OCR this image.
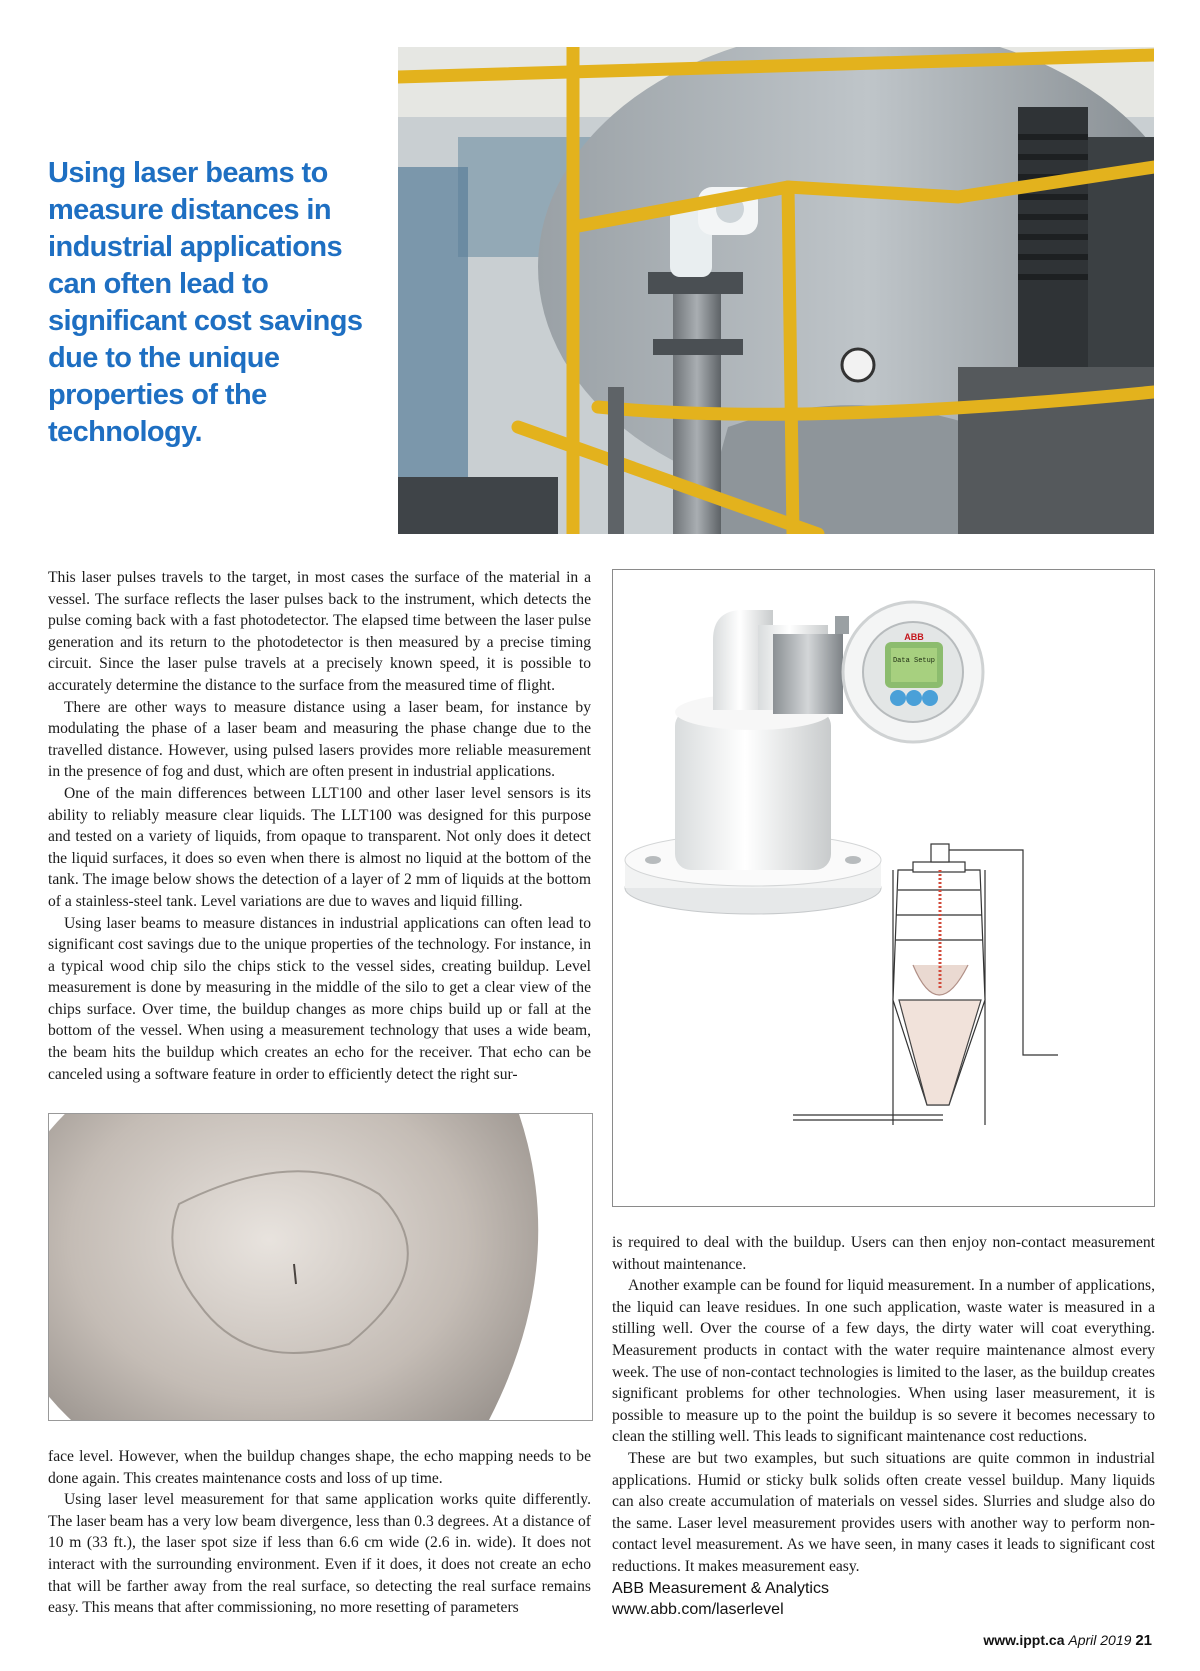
Using laser beams to

measure distances in

industrial applications

can often lead to

significant cost savings

due to the unique

properties of the

technology.

This laser pulses travels to the target, in most cases the surface of the material in a vessel. The surface reflects the laser pulses back to the instrument, which detects the pulse coming back with a fast photodetector. The elapsed time between the laser pulse generation and its return to the photodetector is then measured by a precise timing circuit. Since the laser pulse travels at a precisely known speed, it is possible to accurately determine the distance to the surface from the measured time of flight.

There are other ways to measure distance using a laser beam, for instance by modulating the phase of a laser beam and measuring the phase change due to the travelled distance. However, using pulsed lasers provides more reliable measurement in the presence of fog and dust, which are often present in industrial applications.

One of the main differences between LLT100 and other laser level sensors is its ability to reliably measure clear liquids. The LLT100 was designed for this purpose and tested on a variety of liquids, from opaque to transparent. Not only does it detect the liquid surfaces, it does so even when there is almost no liquid at the bottom of the tank. The image below shows the detection of a layer of 2 mm of liquids at the bottom of a stainless-steel tank. Level variations are due to waves and liquid filling.

Using laser beams to measure distances in industrial applications can often lead to significant cost savings due to the unique properties of the technology. For instance, in a typical wood chip silo the chips stick to the vessel sides, creating buildup. Level measurement is done by measuring in the middle of the silo to get a clear view of the chips surface. Over time, the buildup changes as more chips build up or fall at the bottom of the vessel. When using a measurement technology that uses a wide beam, the beam hits the buildup which creates an echo for the receiver. That echo can be canceled using a software feature in order to efficiently detect the right sur-

ABB
Data Setup

face level. However, when the buildup changes shape, the echo mapping needs to be done again. This creates maintenance costs and loss of up time.

Using laser level measurement for that same application works quite differently. The laser beam has a very low beam divergence, less than 0.3 degrees. At a distance of 10 m (33 ft.), the laser spot size if less than 6.6 cm wide (2.6 in. wide). It does not interact with the surrounding environment. Even if it does, it does not create an echo that will be farther away from the real surface, so detecting the real surface remains easy. This means that after commissioning, no more resetting of parameters

is required to deal with the buildup. Users can then enjoy non-contact measurement without maintenance.

Another example can be found for liquid measurement. In a number of applications, the liquid can leave residues. In one such application, waste water is measured in a stilling well. Over the course of a few days, the dirty water will coat everything. Measurement products in contact with the water require maintenance almost every week. The use of non-contact technologies is limited to the laser, as the buildup creates significant problems for other technologies. When using laser measurement, it is possible to measure up to the point the buildup is so severe it becomes necessary to clean the stilling well. This leads to significant maintenance cost reductions.

These are but two examples, but such situations are quite common in industrial applications. Humid or sticky bulk solids often create vessel buildup. Many liquids can also create accumulation of materials on vessel sides. Slurries and sludge also do the same. Laser level measurement provides users with another way to perform non-contact level measurement. As we have seen, in many cases it leads to significant cost reductions. It makes measurement easy.

ABB Measurement & Analytics
www.abb.com/laserlevel
www.ippt.ca April 2019 21
